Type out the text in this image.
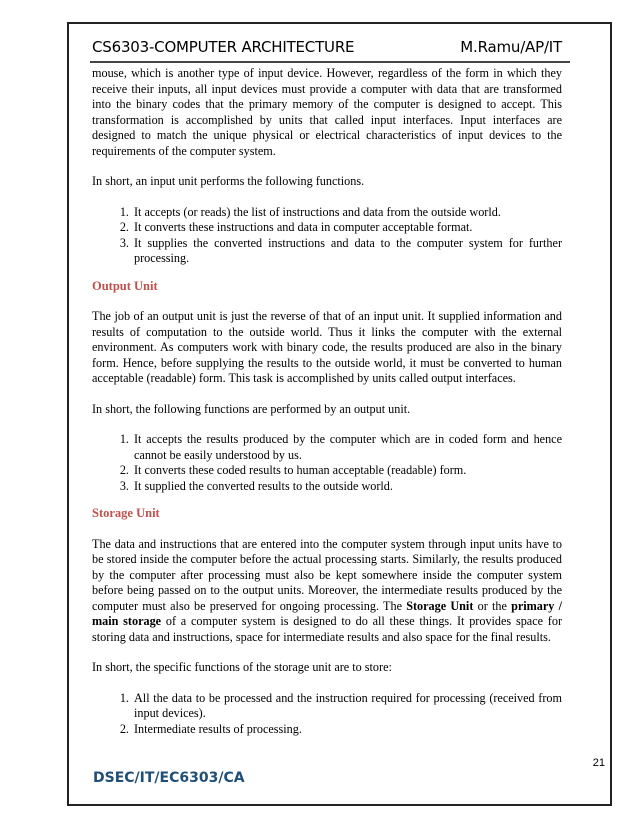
CS6303-COMPUTER ARCHITECTURE	M.Ramu/AP/IT

mouse, which is another type of input device. However, regardless of the form in which they receive their inputs, all input devices must provide a computer with data that are transformed into the binary codes that the primary memory of the computer is designed to accept. This transformation is accomplished by units that called input interfaces. Input interfaces are designed to match the unique physical or electrical characteristics of input devices to the requirements of the computer system.

In short, an input unit performs the following functions.

1. It accepts (or reads) the list of instructions and data from the outside world.
2. It converts these instructions and data in computer acceptable format.
3. It supplies the converted instructions and data to the computer system for further processing.

Output Unit

The job of an output unit is just the reverse of that of an input unit. It supplied information and results of computation to the outside world. Thus it links the computer with the external environment. As computers work with binary code, the results produced are also in the binary form. Hence, before supplying the results to the outside world, it must be converted to human acceptable (readable) form. This task is accomplished by units called output interfaces.

In short, the following functions are performed by an output unit.

1. It accepts the results produced by the computer which are in coded form and hence cannot be easily understood by us.
2. It converts these coded results to human acceptable (readable) form.
3. It supplied the converted results to the outside world.

Storage Unit

The data and instructions that are entered into the computer system through input units have to be stored inside the computer before the actual processing starts. Similarly, the results produced by the computer after processing must also be kept somewhere inside the computer system before being passed on to the output units. Moreover, the intermediate results produced by the computer must also be preserved for ongoing processing. The Storage Unit or the primary / main storage of a computer system is designed to do all these things. It provides space for storing data and instructions, space for intermediate results and also space for the final results.

In short, the specific functions of the storage unit are to store:

1. All the data to be processed and the instruction required for processing (received from input devices).
2. Intermediate results of processing.
21
DSEC/IT/EC6303/CA
